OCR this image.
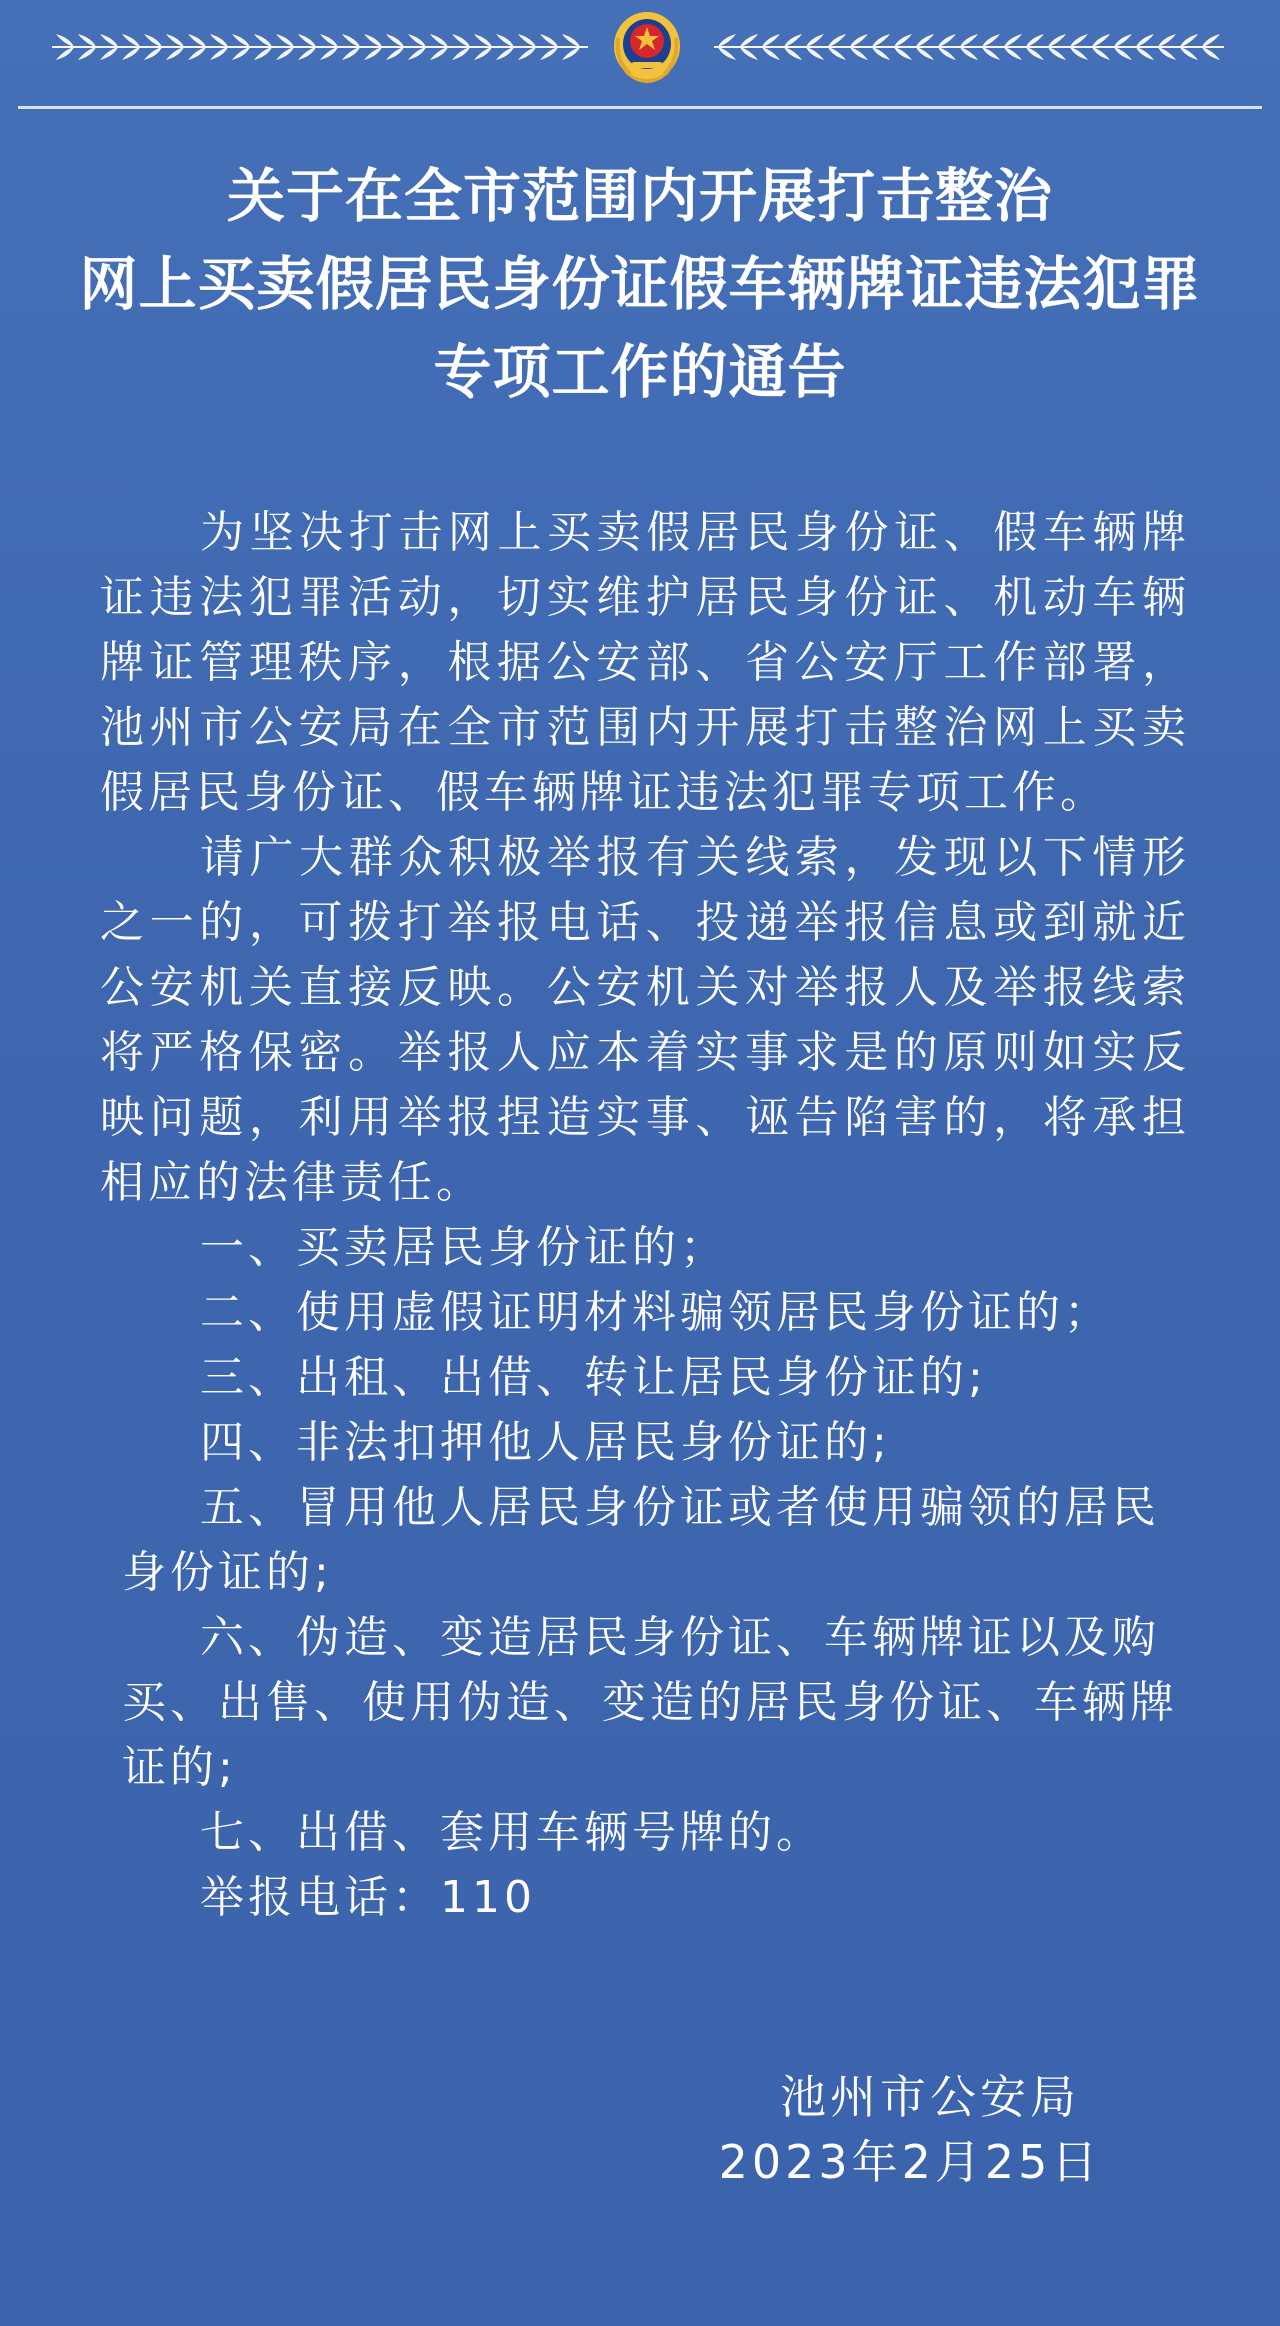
关于在全市范围内开展打击整治
网上买卖假居民身份证假车辆牌证违法犯罪
专项工作的通告

为坚决打击网上买卖假居民身份证、假车辆牌证违法犯罪活动，切实维护居民身份证、机动车辆牌证管理秩序，根据公安部、省公安厅工作部署，池州市公安局在全市范围内开展打击整治网上买卖假居民身份证、假车辆牌证违法犯罪专项工作。

请广大群众积极举报有关线索，发现以下情形之一的，可拨打举报电话、投递举报信息或到就近公安机关直接反映。公安机关对举报人及举报线索将严格保密。举报人应本着实事求是的原则如实反映问题，利用举报捏造实事、诬告陷害的，将承担相应的法律责任。

一、买卖居民身份证的；

二、使用虚假证明材料骗领居民身份证的；

三、出租、出借、转让居民身份证的;

四、非法扣押他人居民身份证的;

五、冒用他人居民身份证或者使用骗领的居民身份证的;

六、伪造、变造居民身份证、车辆牌证以及购买、出售、使用伪造、变造的居民身份证、车辆牌证的;

七、出借、套用车辆号牌的。

举报电话：110

池州市公安局
2023年2月25日
